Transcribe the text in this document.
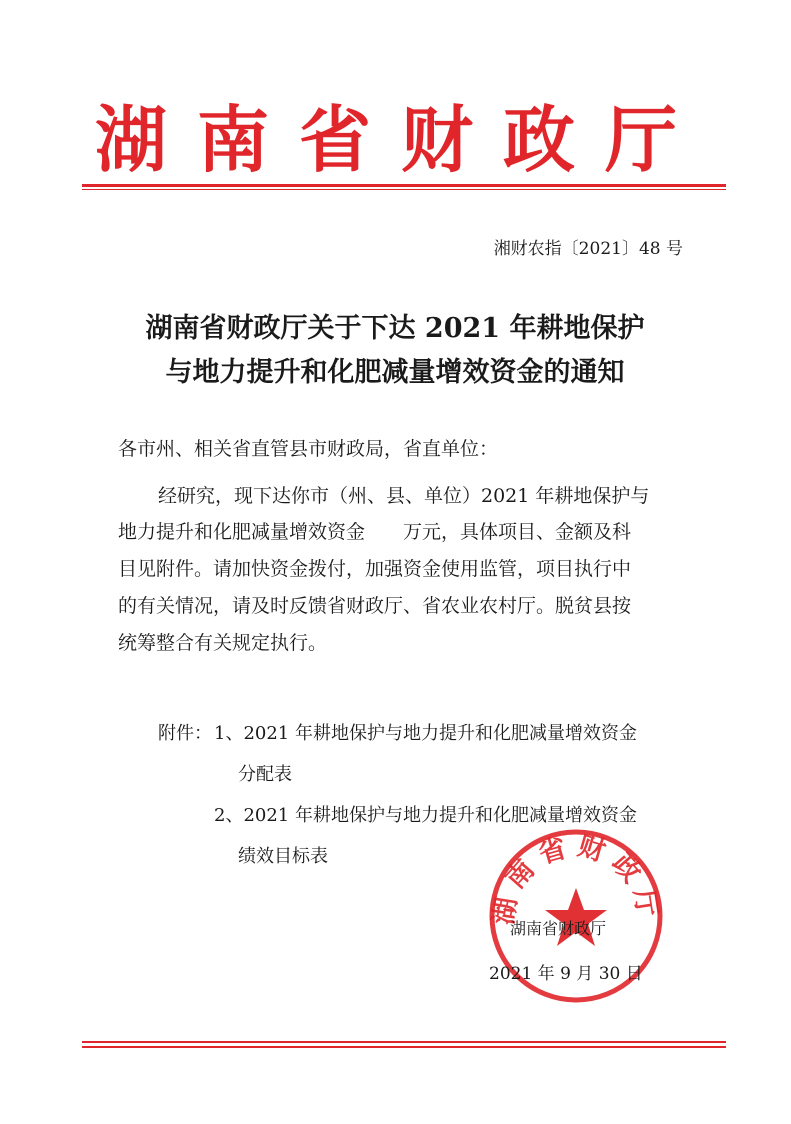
湖南省财政厅
湘财农指〔2021〕48 号
湖南省财政厅关于下达 2021 年耕地保护
与地力提升和化肥减量增效资金的通知
各市州、相关省直管县市财政局，省直单位：
经研究，现下达你市（州、县、单位）2021 年耕地保护与
地力提升和化肥减量增效资金　　万元，具体项目、金额及科
目见附件。请加快资金拨付，加强资金使用监管，项目执行中
的有关情况，请及时反馈省财政厅、省农业农村厅。脱贫县按
统筹整合有关规定执行。
附件： 1、2021 年耕地保护与地力提升和化肥减量增效资金
分配表
2、2021 年耕地保护与地力提升和化肥减量增效资金
绩效目标表
湖南省财政厅
湖南省财政厅
2021 年 9 月 30 日
